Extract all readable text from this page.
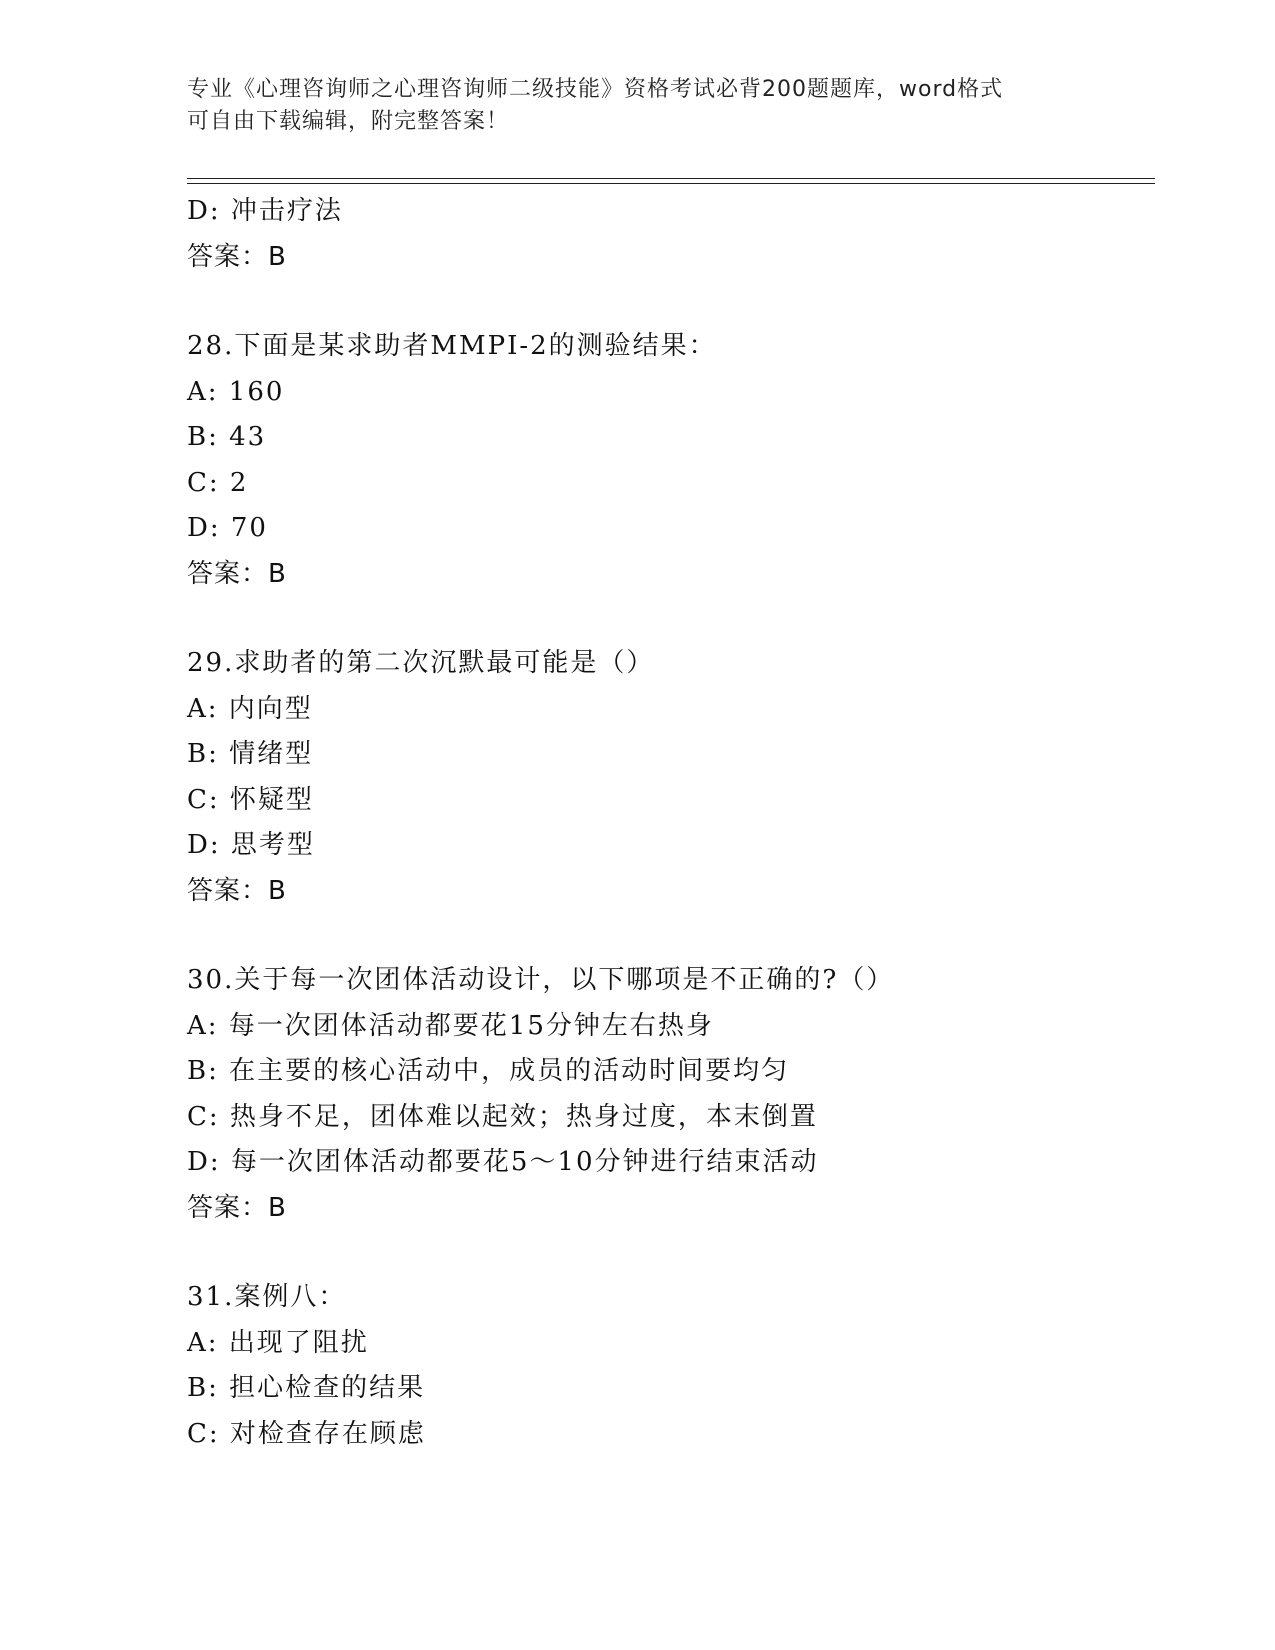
专业《心理咨询师之心理咨询师二级技能》资格考试必背200题题库，word格式
可自由下载编辑，附完整答案！
D: 冲击疗法
答案：B
28.下面是某求助者MMPI-2的测验结果：
A: 160
B: 43
C: 2
D: 70
答案：B
29.求助者的第二次沉默最可能是（）
A: 内向型
B: 情绪型
C: 怀疑型
D: 思考型
答案：B
30.关于每一次团体活动设计，以下哪项是不正确的?（）
A: 每一次团体活动都要花15分钟左右热身
B: 在主要的核心活动中，成员的活动时间要均匀
C: 热身不足，团体难以起效；热身过度，本末倒置
D: 每一次团体活动都要花5～10分钟进行结束活动
答案：B
31.案例八：
A: 出现了阻扰
B: 担心检查的结果
C: 对检查存在顾虑
